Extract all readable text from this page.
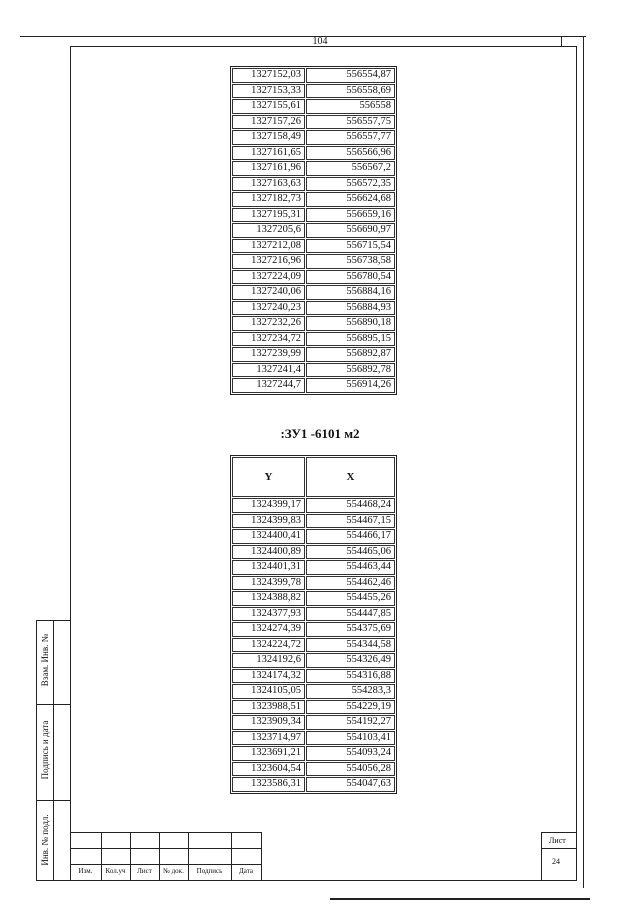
104
1327152,03	556554,87
1327153,33	556558,69
1327155,61	556558
1327157,26	556557,75
1327158,49	556557,77
1327161,65	556566,96
1327161,96	556567,2
1327163,63	556572,35
1327182,73	556624,68
1327195,31	556659,16
1327205,6	556690,97
1327212,08	556715,54
1327216,96	556738,58
1327224,09	556780,54
1327240,06	556884,16
1327240,23	556884,93
1327232,26	556890,18
1327234,72	556895,15
1327239,99	556892,87
1327241,4	556892,78
1327244,7	556914,26
:ЗУ1 -6101 м2
Y	X
1324399,17	554468,24
1324399,83	554467,15
1324400,41	554466,17
1324400,89	554465,06
1324401,31	554463,44
1324399,78	554462,46
1324388,82	554455,26
1324377,93	554447,85
1324274,39	554375,69
1324224,72	554344,58
1324192,6	554326,49
1324174,32	554316,88
1324105,05	554283,3
1323988,51	554229,19
1323909,34	554192,27
1323714,97	554103,41
1323691,21	554093,24
1323604,54	554056,28
1323586,31	554047,63
Взам. Инв. №
Подпись и дата
Инв. № подл.
Изм.	Кол.уч	Лист	№ док.	Подпись	Дата
Лист
24
